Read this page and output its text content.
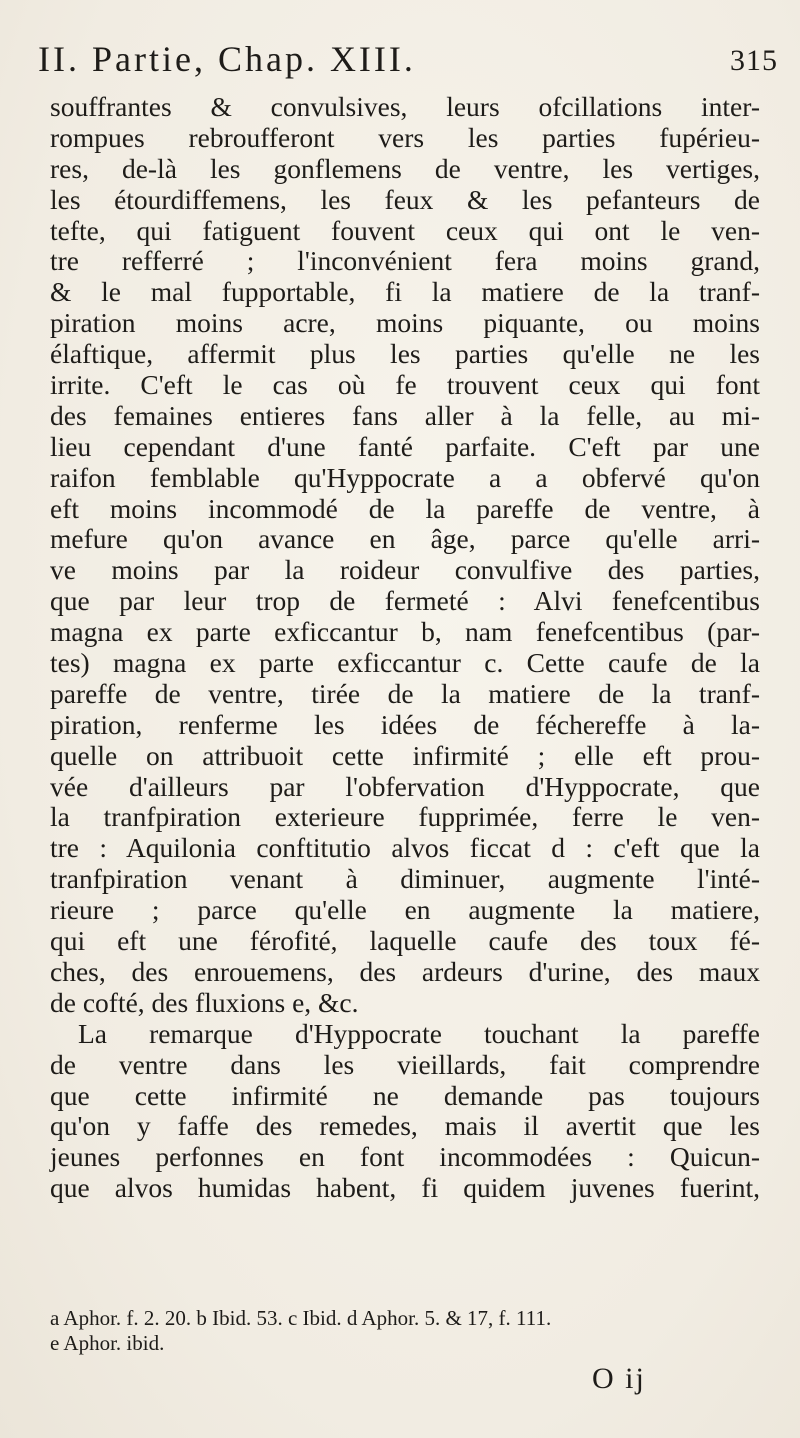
II. Partie, Chap. XIII.	315
souffrantes & convulsives, leurs ofcillations inter-
rompues rebroufferont vers les parties fupérieu-
res, de-là les gonflemens de ventre, les vertiges,
les étourdiffemens, les feux & les pefanteurs de
tefte, qui fatiguent fouvent ceux qui ont le ven-
tre refferré ; l'inconvénient fera moins grand,
& le mal fupportable, fi la matiere de la tranf-
piration moins acre, moins piquante, ou moins
élaftique, affermit plus les parties qu'elle ne les
irrite. C'eft le cas où fe trouvent ceux qui font
des femaines entieres fans aller à la felle, au mi-
lieu cependant d'une fanté parfaite. C'eft par une
raifon femblable qu'Hyppocrate a a obfervé qu'on
eft moins incommodé de la pareffe de ventre, à
mefure qu'on avance en âge, parce qu'elle arri-
ve moins par la roideur convulfive des parties,
que par leur trop de fermeté : Alvi fenefcentibus
magna ex parte exficcantur b, nam fenefcentibus (par-
tes) magna ex parte exficcantur c. Cette caufe de la
pareffe de ventre, tirée de la matiere de la tranf-
piration, renferme les idées de féchereffe à la-
quelle on attribuoit cette infirmité ; elle eft prou-
vée d'ailleurs par l'obfervation d'Hyppocrate, que
la tranfpiration exterieure fupprimée, ferre le ven-
tre : Aquilonia conftitutio alvos ficcat d : c'eft que la
tranfpiration venant à diminuer, augmente l'inté-
rieure ; parce qu'elle en augmente la matiere,
qui eft une férofité, laquelle caufe des toux fé-
ches, des enrouemens, des ardeurs d'urine, des maux
de cofté, des fluxions e, &c.
La remarque d'Hyppocrate touchant la pareffe
de ventre dans les vieillards, fait comprendre
que cette infirmité ne demande pas toujours
qu'on y faffe des remedes, mais il avertit que les
jeunes perfonnes en font incommodées : Quicun-
que alvos humidas habent, fi quidem juvenes fuerint,
a Aphor. f. 2. 20. b Ibid. 53. c Ibid. d Aphor. 5. & 17, f. 111.
e Aphor. ibid.
O ij
